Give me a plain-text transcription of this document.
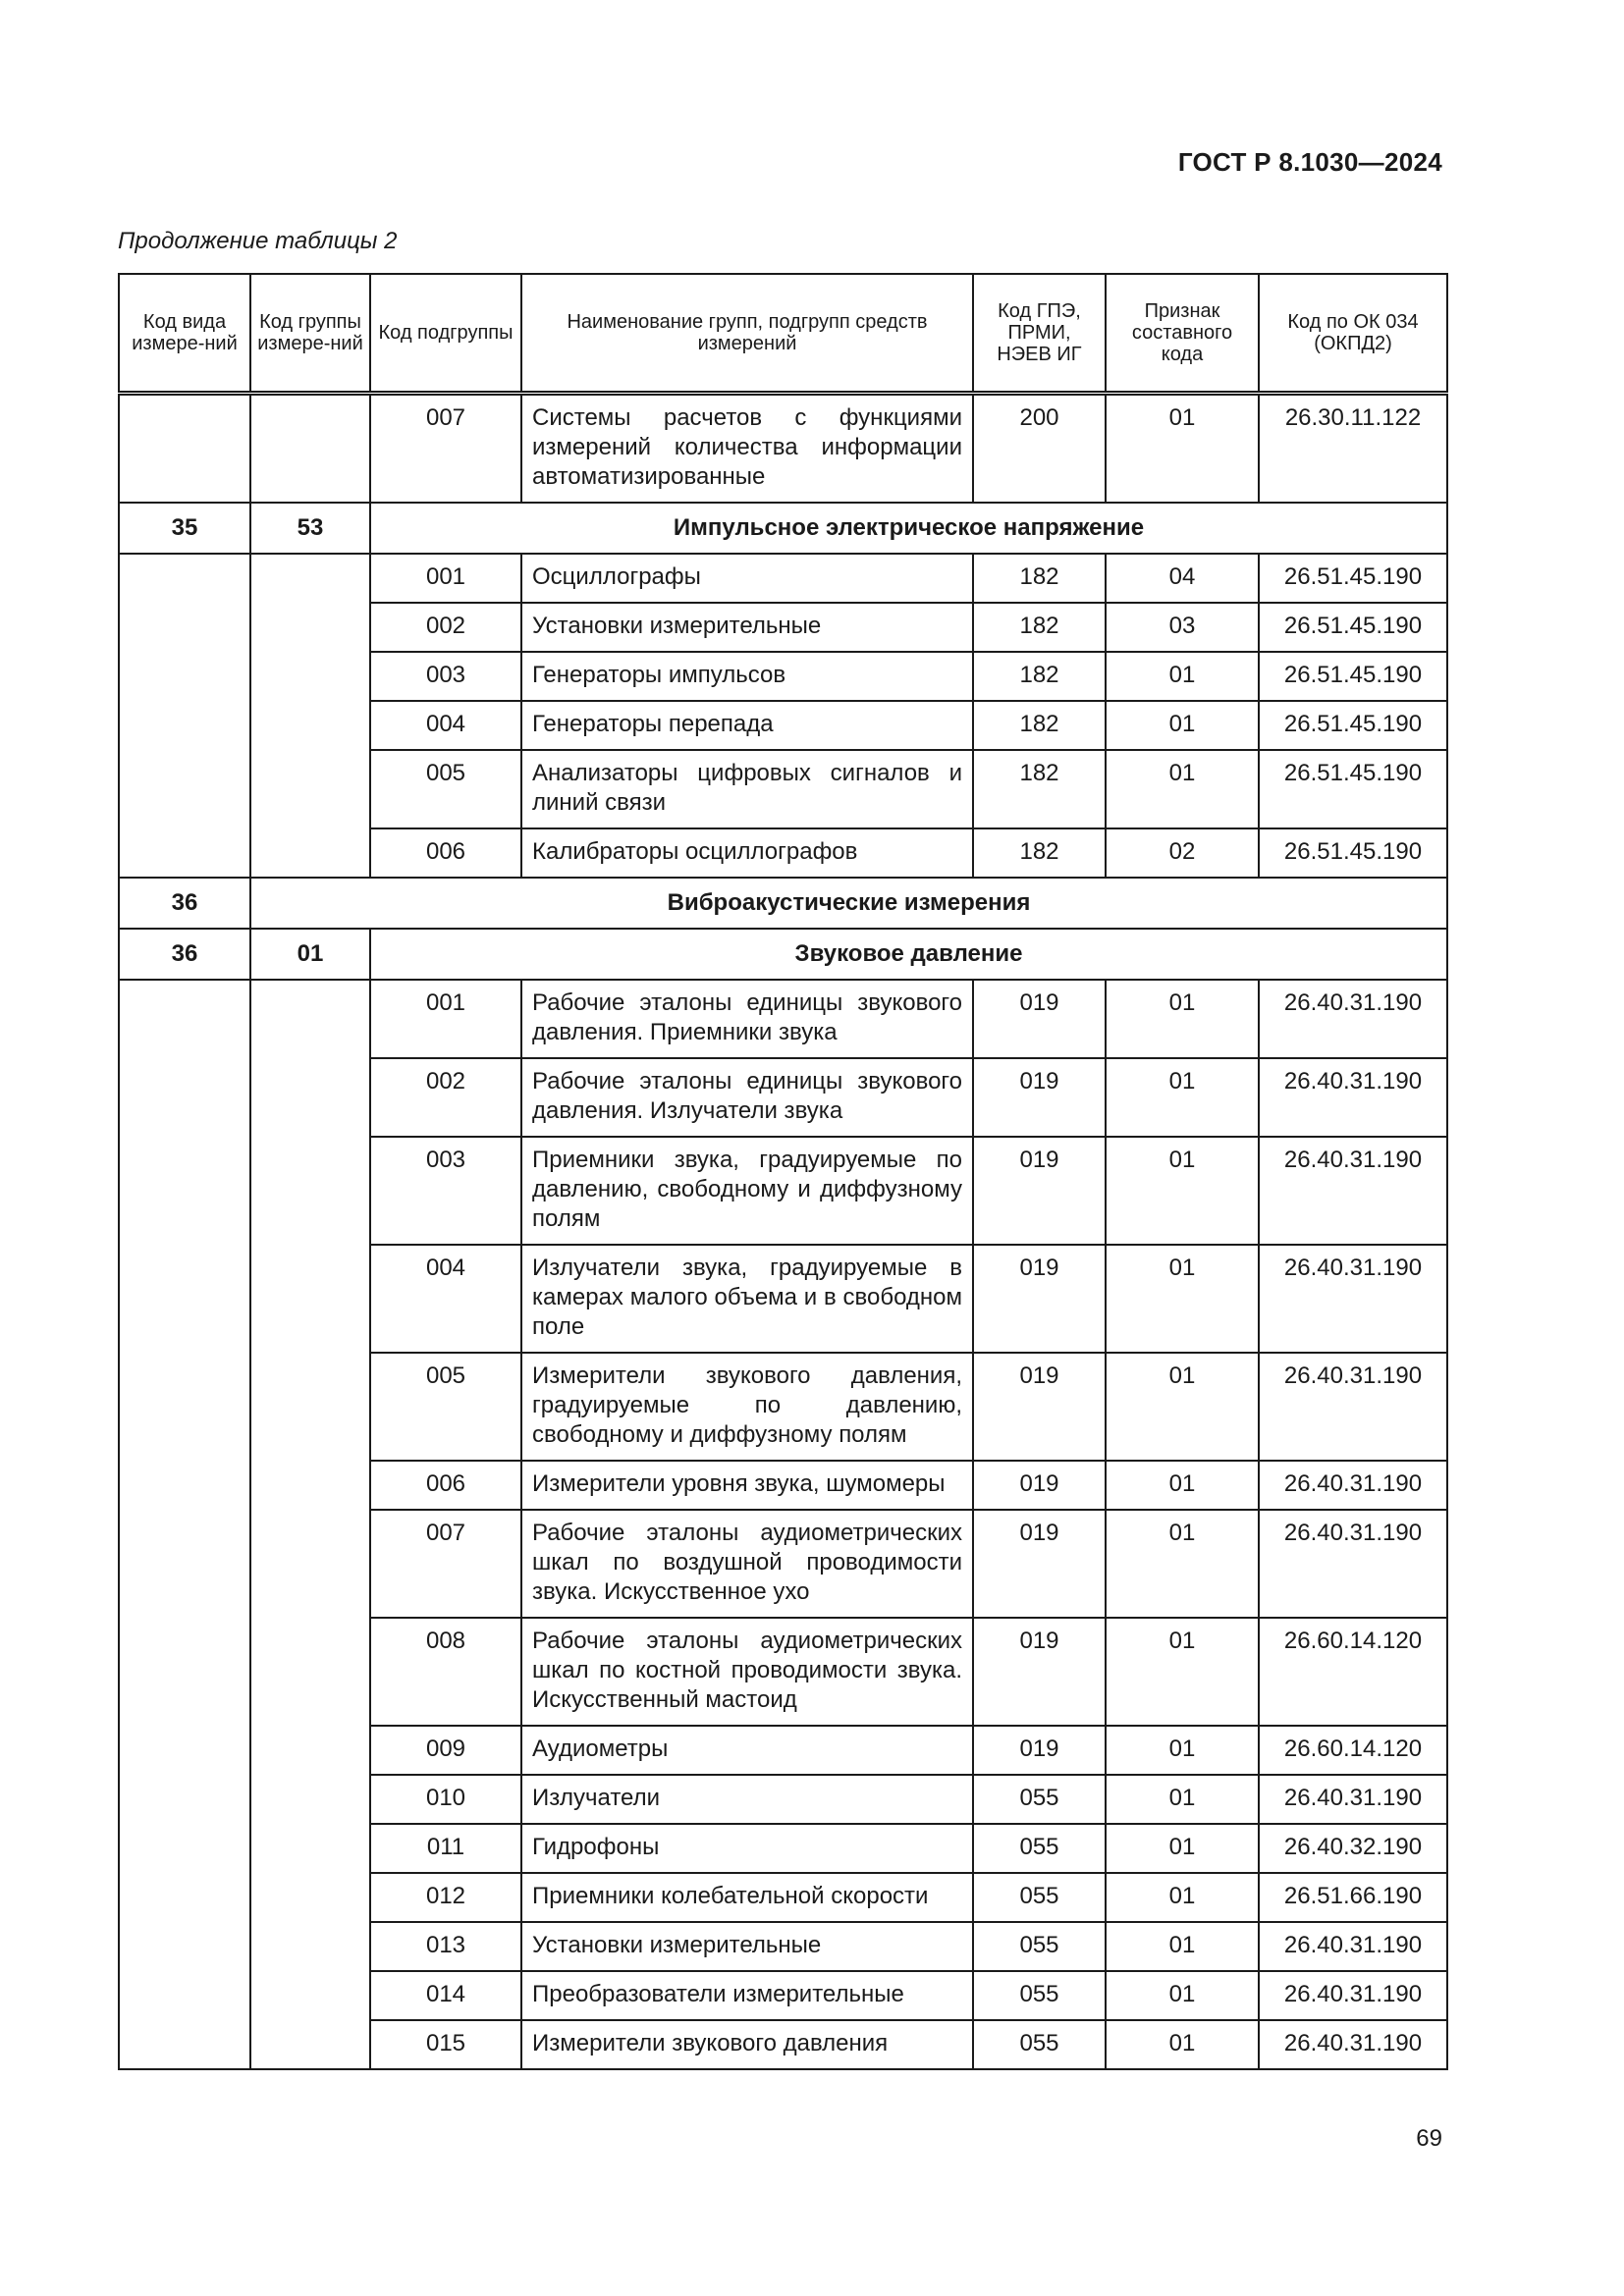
ГОСТ Р 8.1030—2024
Продолжение таблицы 2
Код вида измере-ний	Код группы измере-ний	Код подгруппы	Наименование групп, подгрупп средств измерений	Код ГПЭ, ПРМИ, НЭЕВ ИГ	Признак составного кода	Код по ОК 034 (ОКПД2)
		007	Системы расчетов с функциями измерений количества информации автоматизированные	200	01	26.30.11.122
35	53	Импульсное электрическое напряжение				
		001	Осциллографы	182	04	26.51.45.190
		002	Установки измерительные	182	03	26.51.45.190
		003	Генераторы импульсов	182	01	26.51.45.190
		004	Генераторы перепада	182	01	26.51.45.190
		005	Анализаторы цифровых сигналов и линий связи	182	01	26.51.45.190
		006	Калибраторы осциллографов	182	02	26.51.45.190
36	Виброакустические измерения					
36	01	Звуковое давление				
		001	Рабочие эталоны единицы звукового давления. Приемники звука	019	01	26.40.31.190
		002	Рабочие эталоны единицы звукового давления. Излучатели звука	019	01	26.40.31.190
		003	Приемники звука, градуируемые по давлению, свободному и диффузному полям	019	01	26.40.31.190
		004	Излучатели звука, градуируемые в камерах малого объема и в свободном поле	019	01	26.40.31.190
		005	Измерители звукового давления, градуируемые по давлению, свободному и диффузному полям	019	01	26.40.31.190
		006	Измерители уровня звука, шумомеры	019	01	26.40.31.190
		007	Рабочие эталоны аудиометрических шкал по воздушной проводимости звука. Искусственное ухо	019	01	26.40.31.190
		008	Рабочие эталоны аудиометрических шкал по костной проводимости звука. Искусственный мастоид	019	01	26.60.14.120
		009	Аудиометры	019	01	26.60.14.120
		010	Излучатели	055	01	26.40.31.190
		011	Гидрофоны	055	01	26.40.32.190
		012	Приемники колебательной скорости	055	01	26.51.66.190
		013	Установки измерительные	055	01	26.40.31.190
		014	Преобразователи измерительные	055	01	26.40.31.190
		015	Измерители звукового давления	055	01	26.40.31.190
69
